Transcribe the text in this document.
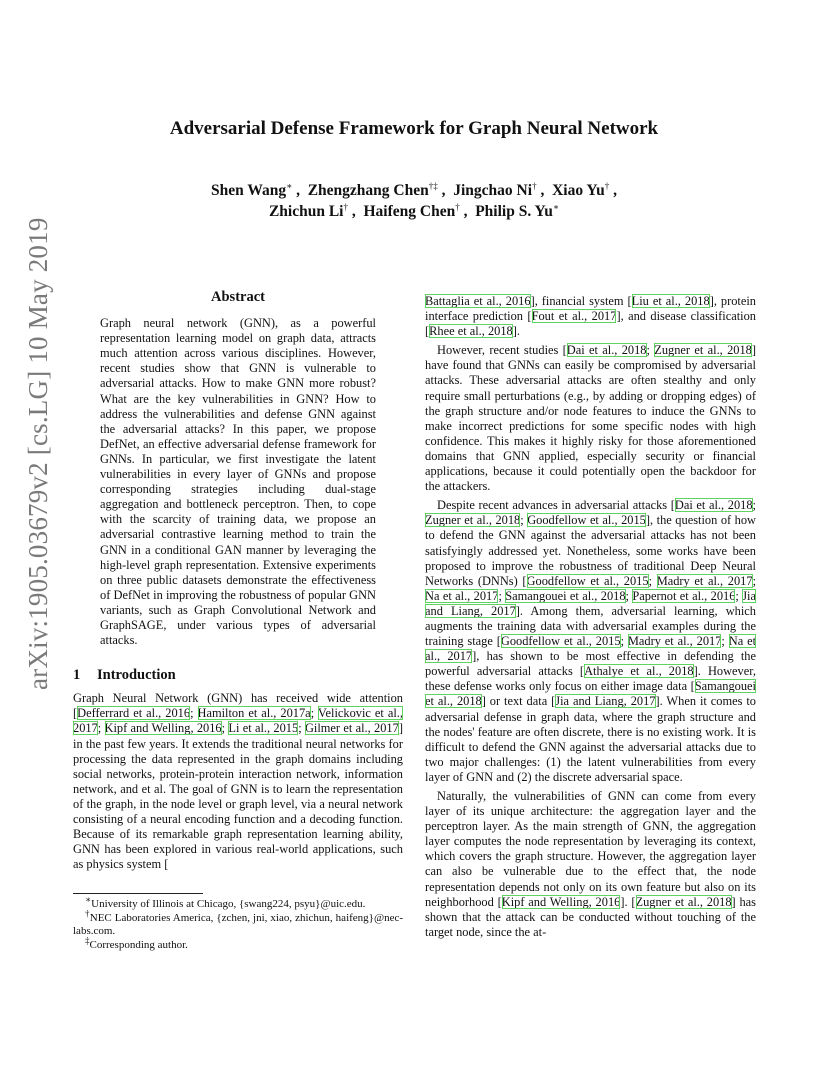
arXiv:1905.03679v2 [cs.LG] 10 May 2019
Adversarial Defense Framework for Graph Neural Network
Shen Wang∗ ,  Zhengzhang Chen†‡ ,  Jingchao Ni† ,  Xiao Yu† ,
Zhichun Li† ,  Haifeng Chen† ,  Philip S. Yu∗
Abstract

Graph neural network (GNN), as a powerful representation learning model on graph data, attracts much attention across various disciplines. However, recent studies show that GNN is vulnerable to adversarial attacks. How to make GNN more robust? What are the key vulnerabilities in GNN? How to address the vulnerabilities and defense GNN against the adversarial attacks? In this paper, we propose DefNet, an effective adversarial defense framework for GNNs. In particular, we first investigate the latent vulnerabilities in every layer of GNNs and propose corresponding strategies including dual-stage aggregation and bottleneck perceptron. Then, to cope with the scarcity of training data, we propose an adversarial contrastive learning method to train the GNN in a conditional GAN manner by leveraging the high-level graph representation. Extensive experiments on three public datasets demonstrate the effectiveness of DefNet in improving the robustness of popular GNN variants, such as Graph Convolutional Network and GraphSAGE, under various types of adversarial attacks.

1 Introduction

Graph Neural Network (GNN) has received wide attention [Defferrard et al., 2016; Hamilton et al., 2017a; Velickovic et al., 2017; Kipf and Welling, 2016; Li et al., 2015; Gilmer et al., 2017] in the past few years. It extends the traditional neural networks for processing the data represented in the graph domains including social networks, protein-protein interaction network, information network, and et al. The goal of GNN is to learn the representation of the graph, in the node level or graph level, via a neural network consisting of a neural encoding function and a decoding function. Because of its remarkable graph representation learning ability, GNN has been explored in various real-world applications, such as physics system [

∗University of Illinois at Chicago, {swang224, psyu}@uic.edu.

†NEC Laboratories America, {zchen, jni, xiao, zhichun, haifeng}@nec-labs.com.

‡Corresponding author.

Battaglia et al., 2016], financial system [Liu et al., 2018], protein interface prediction [Fout et al., 2017], and disease classification [Rhee et al., 2018].

However, recent studies [Dai et al., 2018; Zugner et al., 2018] have found that GNNs can easily be compromised by adversarial attacks. These adversarial attacks are often stealthy and only require small perturbations (e.g., by adding or dropping edges) of the graph structure and/or node features to induce the GNNs to make incorrect predictions for some specific nodes with high confidence. This makes it highly risky for those aforementioned domains that GNN applied, especially security or financial applications, because it could potentially open the backdoor for the attackers.

Despite recent advances in adversarial attacks [Dai et al., 2018; Zugner et al., 2018; Goodfellow et al., 2015], the question of how to defend the GNN against the adversarial attacks has not been satisfyingly addressed yet. Nonetheless, some works have been proposed to improve the robustness of traditional Deep Neural Networks (DNNs) [Goodfellow et al., 2015; Madry et al., 2017; Na et al., 2017; Samangouei et al., 2018; Papernot et al., 2016; Jia and Liang, 2017]. Among them, adversarial learning, which augments the training data with adversarial examples during the training stage [Goodfellow et al., 2015; Madry et al., 2017; Na et al., 2017], has shown to be most effective in defending the powerful adversarial attacks [Athalye et al., 2018]. However, these defense works only focus on either image data [Samangouei et al., 2018] or text data [Jia and Liang, 2017]. When it comes to adversarial defense in graph data, where the graph structure and the nodes' feature are often discrete, there is no existing work. It is difficult to defend the GNN against the adversarial attacks due to two major challenges: (1) the latent vulnerabilities from every layer of GNN and (2) the discrete adversarial space.

Naturally, the vulnerabilities of GNN can come from every layer of its unique architecture: the aggregation layer and the perceptron layer. As the main strength of GNN, the aggregation layer computes the node representation by leveraging its context, which covers the graph structure. However, the aggregation layer can also be vulnerable due to the effect that, the node representation depends not only on its own feature but also on its neighborhood [Kipf and Welling, 2016]. [Zugner et al., 2018] has shown that the attack can be conducted without touching of the target node, since the at-
